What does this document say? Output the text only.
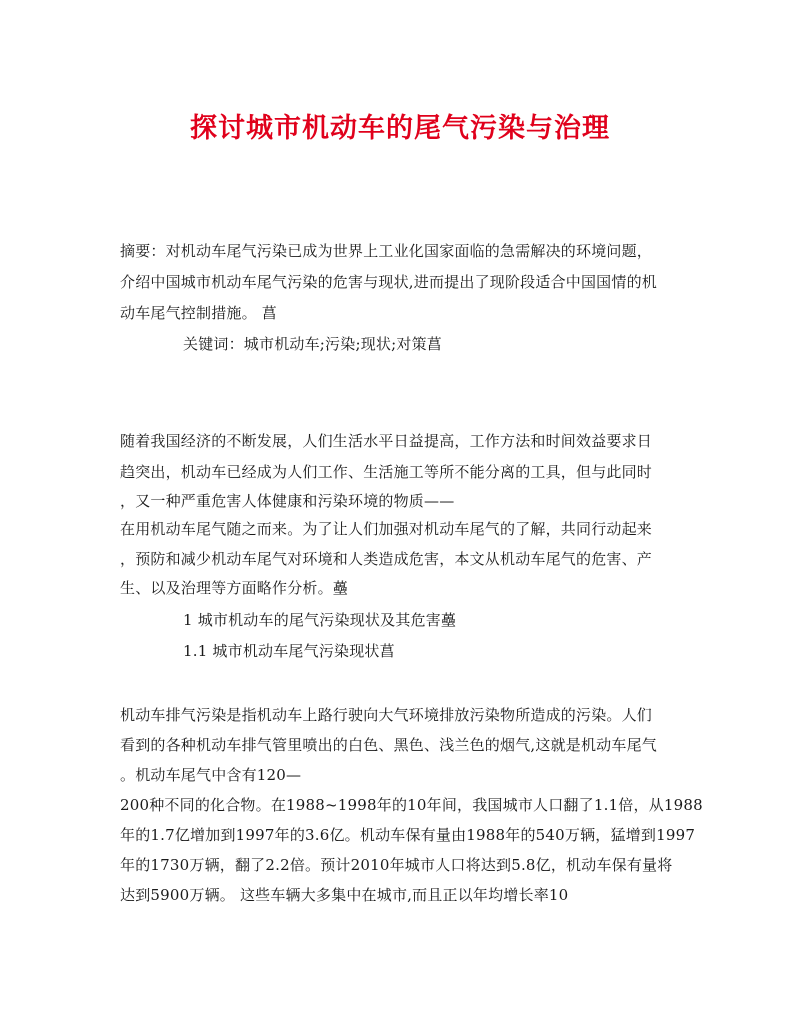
探讨城市机动车的尾气污染与治理
摘要：对机动车尾气污染已成为世界上工业化国家面临的急需解决的环境问题，
介绍中国城市机动车尾气污染的危害与现状,进而提出了现阶段适合中国国情的机
动车尾气控制措施。 菖
关键词：城市机动车;污染;现状;对策菖
随着我国经济的不断发展，人们生活水平日益提高，工作方法和时间效益要求日
趋突出，机动车已经成为人们工作、生活施工等所不能分离的工具，但与此同时
，又一种严重危害人体健康和污染环境的物质——
在用机动车尾气随之而来。为了让人们加强对机动车尾气的了解，共同行动起来
，预防和减少机动车尾气对环境和人类造成危害，本文从机动车尾气的危害、产
生、以及治理等方面略作分析。蘲
1 城市机动车的尾气污染现状及其危害蘲
1.1 城市机动车尾气污染现状菖
机动车排气污染是指机动车上路行驶向大气环境排放污染物所造成的污染。人们
看到的各种机动车排气管里喷出的白色、黑色、浅兰色的烟气,这就是机动车尾气
。机动车尾气中含有120—
200种不同的化合物。在1988~1998年的10年间，我国城市人口翻了1.1倍，从1988
年的1.7亿增加到1997年的3.6亿。机动车保有量由1988年的540万辆，猛增到1997
年的1730万辆，翻了2.2倍。预计2010年城市人口将达到5.8亿，机动车保有量将
达到5900万辆。 这些车辆大多集中在城市,而且正以年均增长率10
